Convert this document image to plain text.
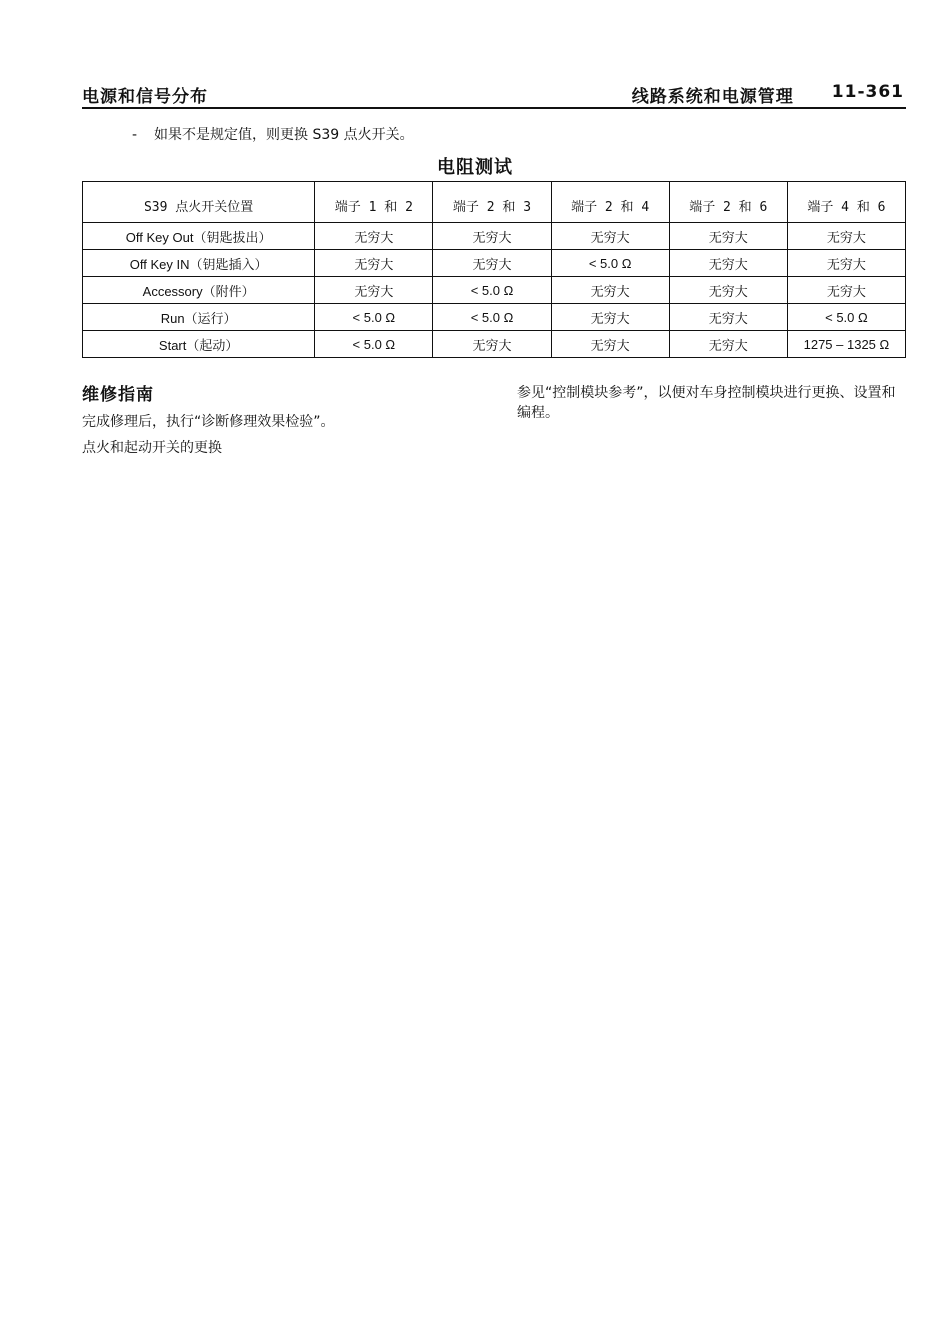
电源和信号分布	线路系统和电源管理 11-361
- 如果不是规定值，则更换 S39 点火开关。
电阻测试
S39 点火开关位置	端子 1 和 2	端子 2 和 3	端子 2 和 4	端子 2 和 6	端子 4 和 6
Off Key Out（钥匙拔出）	无穷大	无穷大	无穷大	无穷大	无穷大
Off Key IN（钥匙插入）	无穷大	无穷大	< 5.0 Ω	无穷大	无穷大
Accessory（附件）	无穷大	< 5.0 Ω	无穷大	无穷大	无穷大
Run（运行）	< 5.0 Ω	< 5.0 Ω	无穷大	无穷大	< 5.0 Ω
Start（起动）	< 5.0 Ω	无穷大	无穷大	无穷大	1275 – 1325 Ω
维修指南
完成修理后，执行“诊断修理效果检验”。
点火和起动开关的更换
参见“控制模块参考”，以便对车身控制模块进行更换、设置和编程。
